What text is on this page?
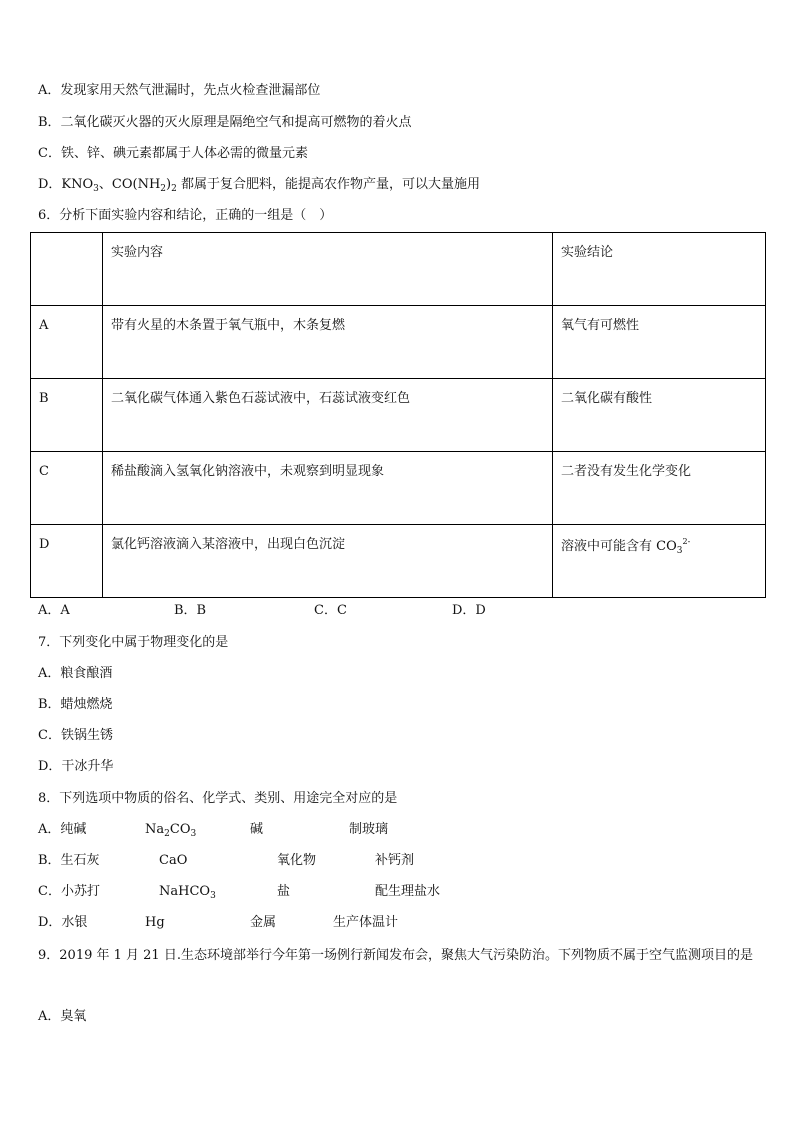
A．发现家用天然气泄漏时，先点火检查泄漏部位
B．二氧化碳灭火器的灭火原理是隔绝空气和提高可燃物的着火点
C．铁、锌、碘元素都属于人体必需的微量元素
D．$KNO_3$、$CO(NH_2)_2$ 都属于复合肥料，能提高农作物产量，可以大量施用
6．分析下面实验内容和结论，正确的一组是（　）
	实验内容	实验结论
A	带有火星的木条置于氧气瓶中，木条复燃	氧气有可燃性
B	二氧化碳气体通入紫色石蕊试液中，石蕊试液变红色	二氧化碳有酸性
C	稀盐酸滴入氢氧化钠溶液中，未观察到明显现象	二者没有发生化学变化
D	氯化钙溶液滴入某溶液中，出现白色沉淀	溶液中可能含有 $CO_3^{2-}$
A．A	B．B	C．C	D．D
7．下列变化中属于物理变化的是
A．粮食酿酒
B．蜡烛燃烧
C．铁锅生锈
D．干冰升华
8．下列选项中物质的俗名、化学式、类别、用途完全对应的是
A．纯碱	$Na_2CO_3$	碱	制玻璃
B．生石灰	CaO	氧化物	补钙剂
C．小苏打	NaHCO$_3$	盐	配生理盐水
D．水银	Hg	金属	生产体温计
9．2019 年 1 月 21 日.生态环境部举行今年第一场例行新闻发布会，聚焦大气污染防治。下列物质不属于空气监测项目的是
A．臭氧
